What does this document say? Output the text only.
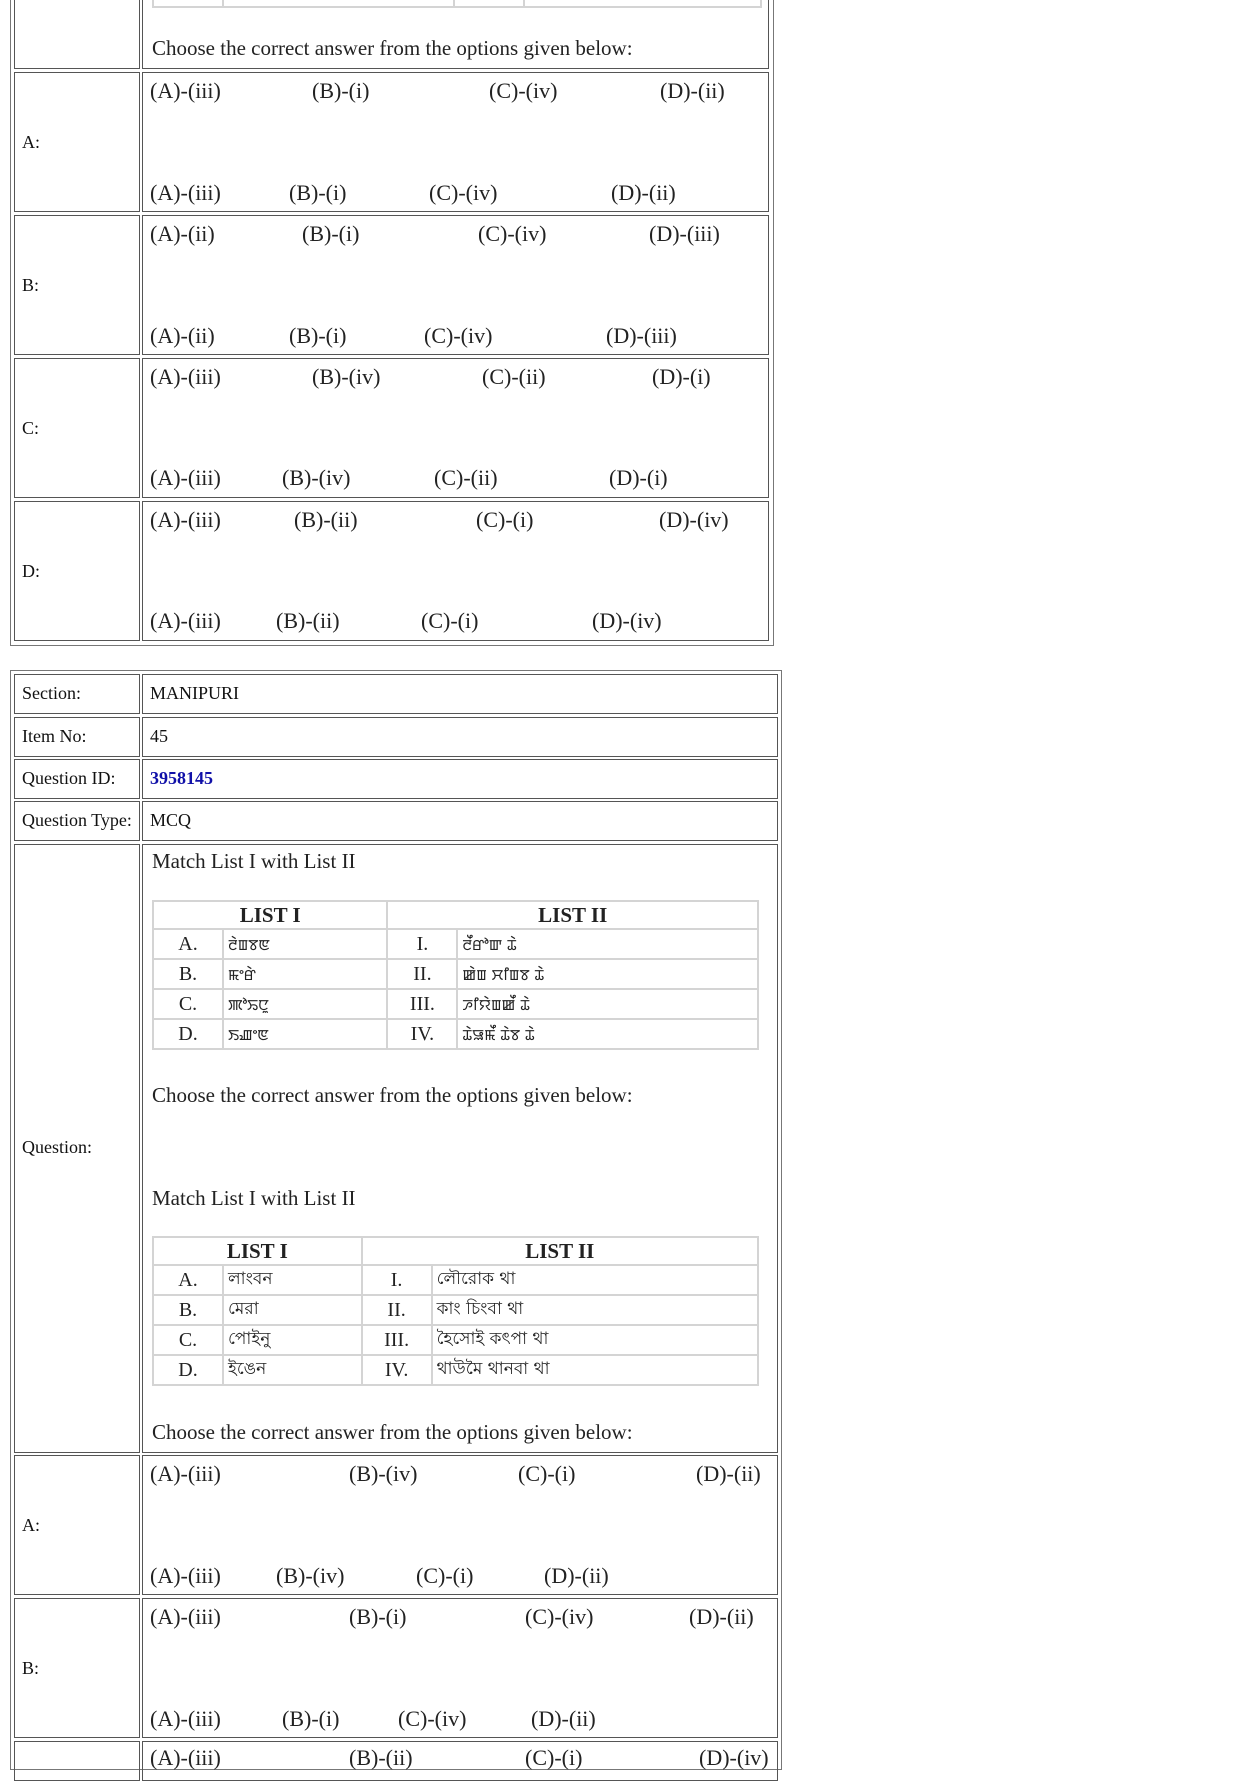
Choose the correct answer from the options given below:
A:
(A)-(iii)	(B)-(i)	(C)-(iv)	(D)-(ii)
(A)-(iii)	(B)-(i)	(C)-(iv)	(D)-(ii)
B:
(A)-(ii)	(B)-(i)	(C)-(iv)	(D)-(iii)
(A)-(ii)	(B)-(i)	(C)-(iv)	(D)-(iii)
C:
(A)-(iii)	(B)-(iv)	(C)-(ii)	(D)-(i)
(A)-(iii)	(B)-(iv)	(C)-(ii)	(D)-(i)
D:
(A)-(iii)	(B)-(ii)	(C)-(i)	(D)-(iv)
(A)-(iii)	(B)-(ii)	(C)-(i)	(D)-(iv)
Section:	MANIPURI
Item No:	45
Question ID: 3958145
Question Type: MCQ
Question:
Match List I with List II
LIST I		LIST II	
A.	ꯂꯥꯡꯕꯟ	I.	ꯂꯩꯔꯣꯛ ꯊꯥ
B.	ꯃꯦꯔꯥ	II.	ꯀꯥꯡ ꯆꯤꯡꯕ ꯊꯥ
C.	ꯄꯣꯢꯅꯨ	III.	ꯍꯤꯌꯥꯡꯀꯩ ꯊꯥ
D.	ꯏꯉꯦꯟ	IV.	ꯊꯥꯎꯃꯩ ꯊꯥꯕ ꯊꯥ
Choose the correct answer from the options given below:
Match List I with List II
LIST I		LIST II	
A.	লাংবন	I.	লৌরোক থা
B.	মেরা	II.	কাং চিংবা থা
C.	পোইনু	III.	হৈসোই কৎপা থা
D.	ইঙেন	IV.	থাউমৈ থানবা থা
Choose the correct answer from the options given below:
A:
(A)-(iii)	(B)-(iv)	(C)-(i)	(D)-(ii)
(A)-(iii)	(B)-(iv)	(C)-(i)	(D)-(ii)
B:
(A)-(iii)	(B)-(i)	(C)-(iv)	(D)-(ii)
(A)-(iii)	(B)-(i)	(C)-(iv)	(D)-(ii)
(A)-(iii)	(B)-(ii)	(C)-(i)	(D)-(iv)
